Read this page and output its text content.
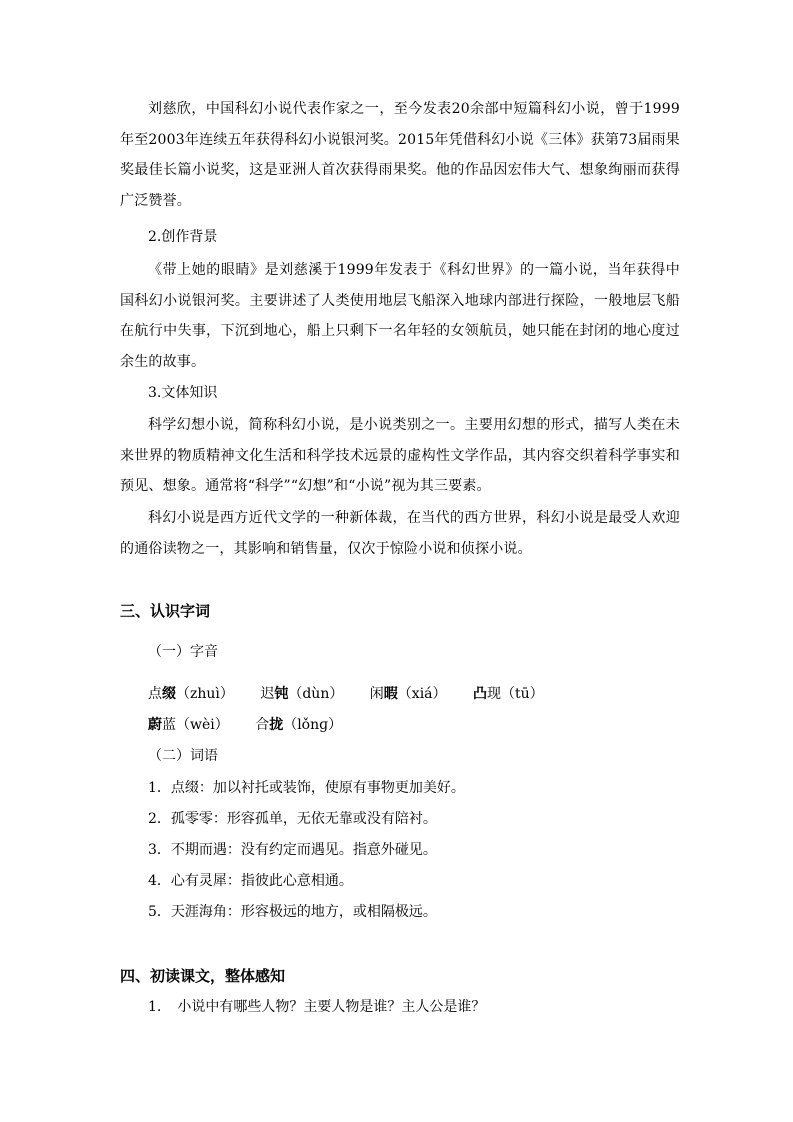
刘慈欣，中国科幻小说代表作家之一，至今发表20余部中短篇科幻小说，曾于1999年至2003年连续五年获得科幻小说银河奖。2015年凭借科幻小说《三体》获第73届雨果奖最佳长篇小说奖，这是亚洲人首次获得雨果奖。他的作品因宏伟大气、想象绚丽而获得广泛赞誉。
2.创作背景
《带上她的眼睛》是刘慈溪于1999年发表于《科幻世界》的一篇小说，当年获得中国科幻小说银河奖。主要讲述了人类使用地层飞船深入地球内部进行探险，一般地层飞船在航行中失事，下沉到地心，船上只剩下一名年轻的女领航员，她只能在封闭的地心度过余生的故事。
3.文体知识
科学幻想小说，简称科幻小说，是小说类别之一。主要用幻想的形式，描写人类在未来世界的物质精神文化生活和科学技术远景的虚构性文学作品，其内容交织着科学事实和预见、想象。通常将“科学”“幻想”和“小说”视为其三要素。
科幻小说是西方近代文学的一种新体裁，在当代的西方世界，科幻小说是最受人欢迎的通俗读物之一，其影响和销售量，仅次于惊险小说和侦探小说。
三、认识字词
（一）字音
点缀（zhuì） 迟钝（dùn） 闲暇（xiá） 凸现（tū）
蔚蓝（wèi） 合拢（lǒnɡ）
（二）词语
1．点缀：加以衬托或装饰，使原有事物更加美好。
2．孤零零：形容孤单，无依无靠或没有陪衬。
3．不期而遇：没有约定而遇见。指意外碰见。
4．心有灵犀：指彼此心意相通。
5．天涯海角：形容极远的地方，或相隔极远。
四、初读课文，整体感知
1. 小说中有哪些人物？主要人物是谁？主人公是谁？
